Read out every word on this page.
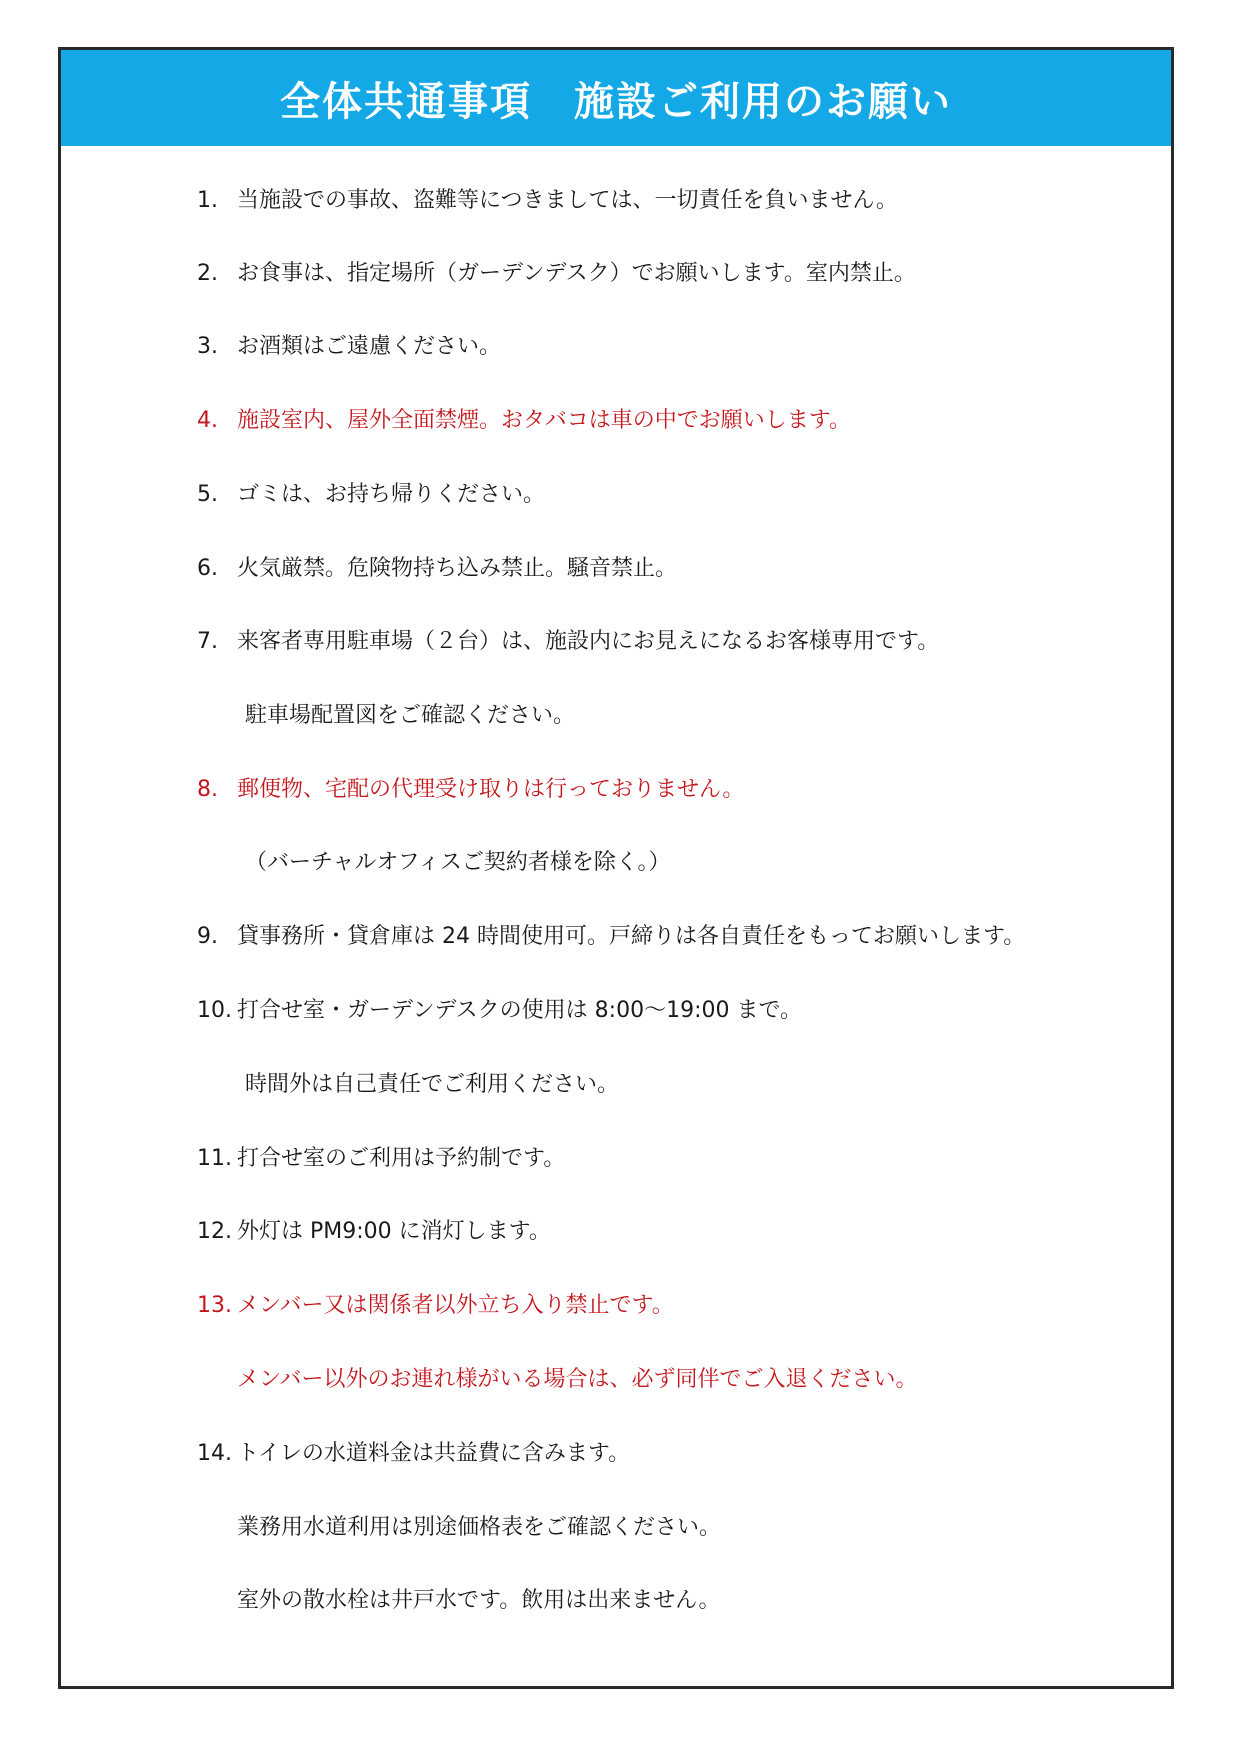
全体共通事項　施設ご利用のお願い
1. 当施設での事故、盗難等につきましては、一切責任を負いません。
2. お食事は、指定場所（ガーデンデスク）でお願いします。室内禁止。
3. お酒類はご遠慮ください。
4. 施設室内、屋外全面禁煙。おタバコは車の中でお願いします。
5. ゴミは、お持ち帰りください。
6. 火気厳禁。危険物持ち込み禁止。騒音禁止。
7. 来客者専用駐車場（２台）は、施設内にお見えになるお客様専用です。
駐車場配置図をご確認ください。
8. 郵便物、宅配の代理受け取りは行っておりません。
（バーチャルオフィスご契約者様を除く。）
9. 貸事務所・貸倉庫は 24 時間使用可。戸締りは各自責任をもってお願いします。
10. 打合せ室・ガーデンデスクの使用は 8:00～19:00 まで。
時間外は自己責任でご利用ください。
11. 打合せ室のご利用は予約制です。
12. 外灯は PM9:00 に消灯します。
13. メンバー又は関係者以外立ち入り禁止です。
メンバー以外のお連れ様がいる場合は、必ず同伴でご入退ください。
14. トイレの水道料金は共益費に含みます。
業務用水道利用は別途価格表をご確認ください。
室外の散水栓は井戸水です。飲用は出来ません。
